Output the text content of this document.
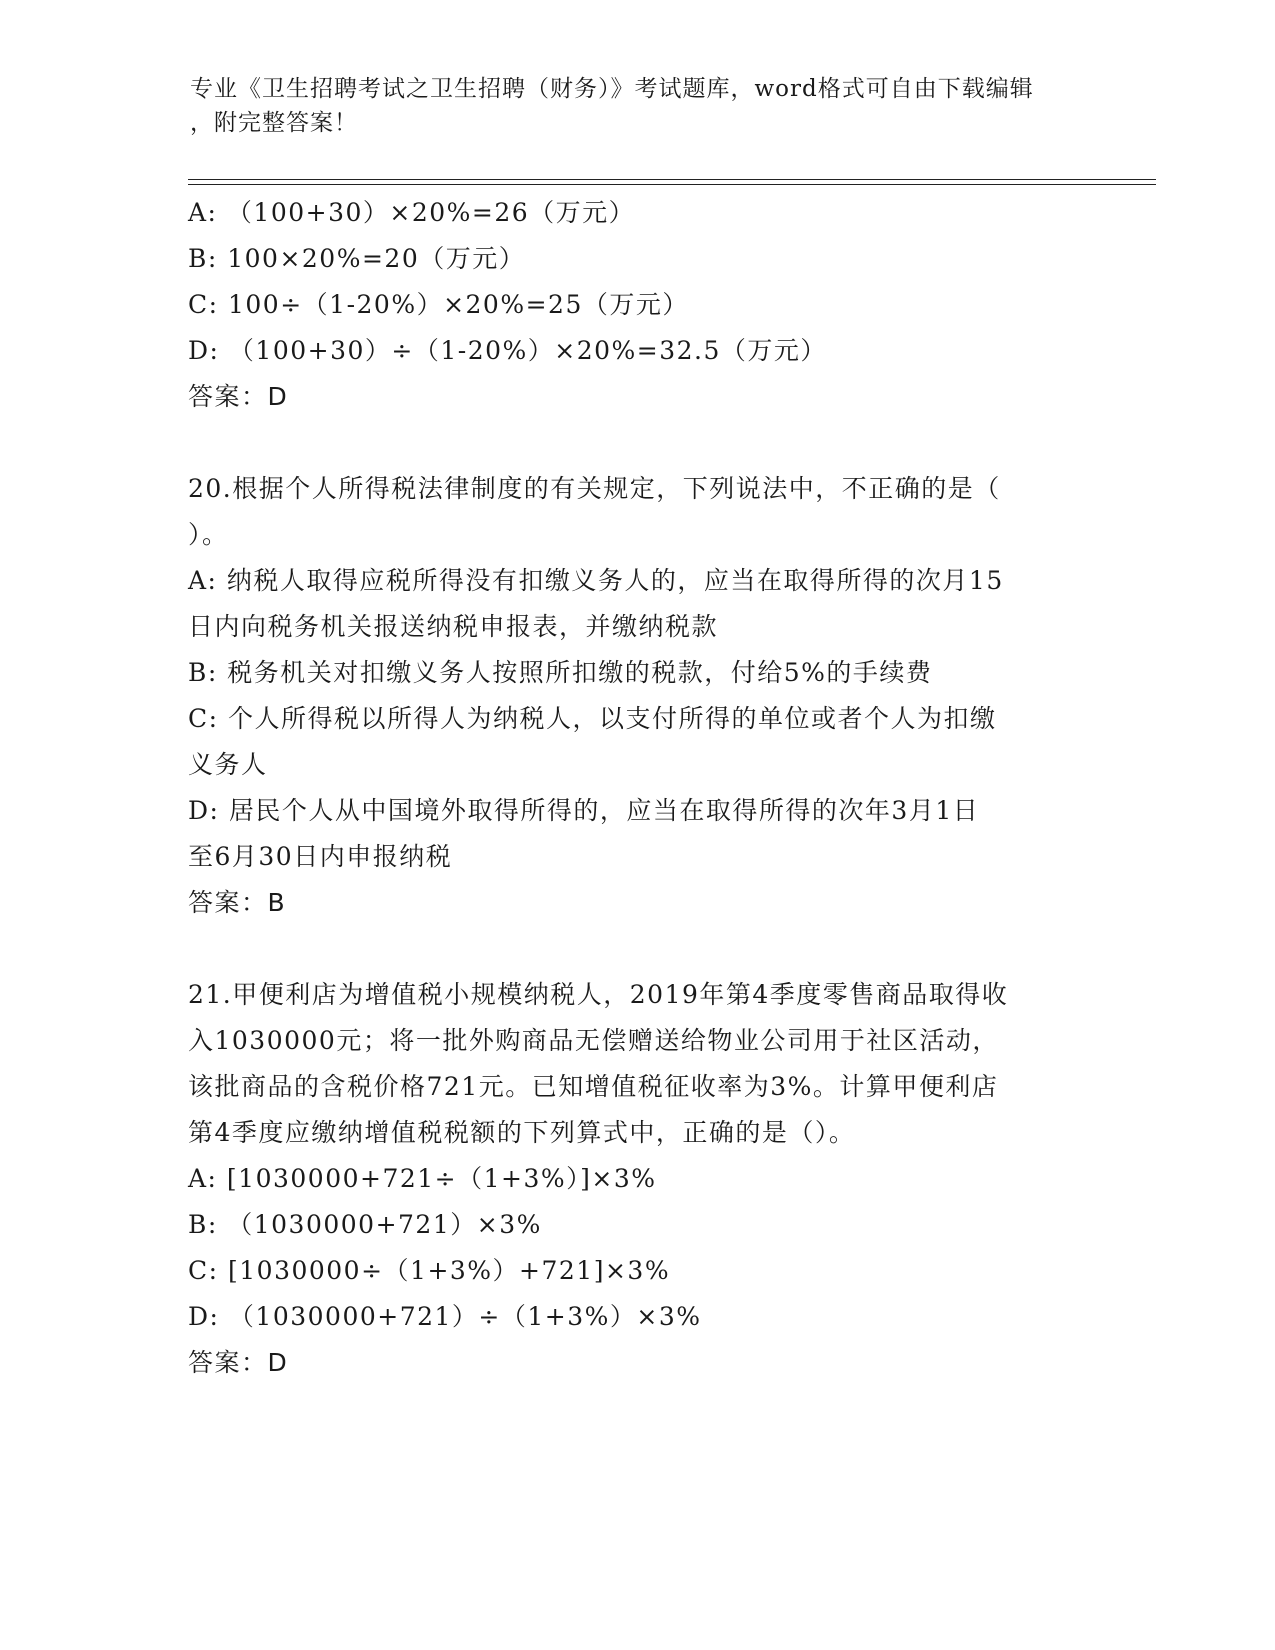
专业《卫生招聘考试之卫生招聘（财务）》考试题库，word格式可自由下载编辑
，附完整答案！
A: （100+30）×20%=26（万元）
B: 100×20%=20（万元）
C: 100÷（1-20%）×20%=25（万元）
D: （100+30）÷（1-20%）×20%=32.5（万元）
答案：D
20.根据个人所得税法律制度的有关规定，下列说法中，不正确的是（
）。
A: 纳税人取得应税所得没有扣缴义务人的，应当在取得所得的次月15
日内向税务机关报送纳税申报表，并缴纳税款
B: 税务机关对扣缴义务人按照所扣缴的税款，付给5%的手续费
C: 个人所得税以所得人为纳税人，以支付所得的单位或者个人为扣缴
义务人
D: 居民个人从中国境外取得所得的，应当在取得所得的次年3月1日
至6月30日内申报纳税
答案：B
21.甲便利店为增值税小规模纳税人，2019年第4季度零售商品取得收
入1030000元；将一批外购商品无偿赠送给物业公司用于社区活动，
该批商品的含税价格721元。已知增值税征收率为3%。计算甲便利店
第4季度应缴纳增值税税额的下列算式中，正确的是（）。
A: [1030000+721÷（1+3%）]×3%
B: （1030000+721）×3%
C: [1030000÷（1+3%）+721]×3%
D: （1030000+721）÷（1+3%）×3%
答案：D
